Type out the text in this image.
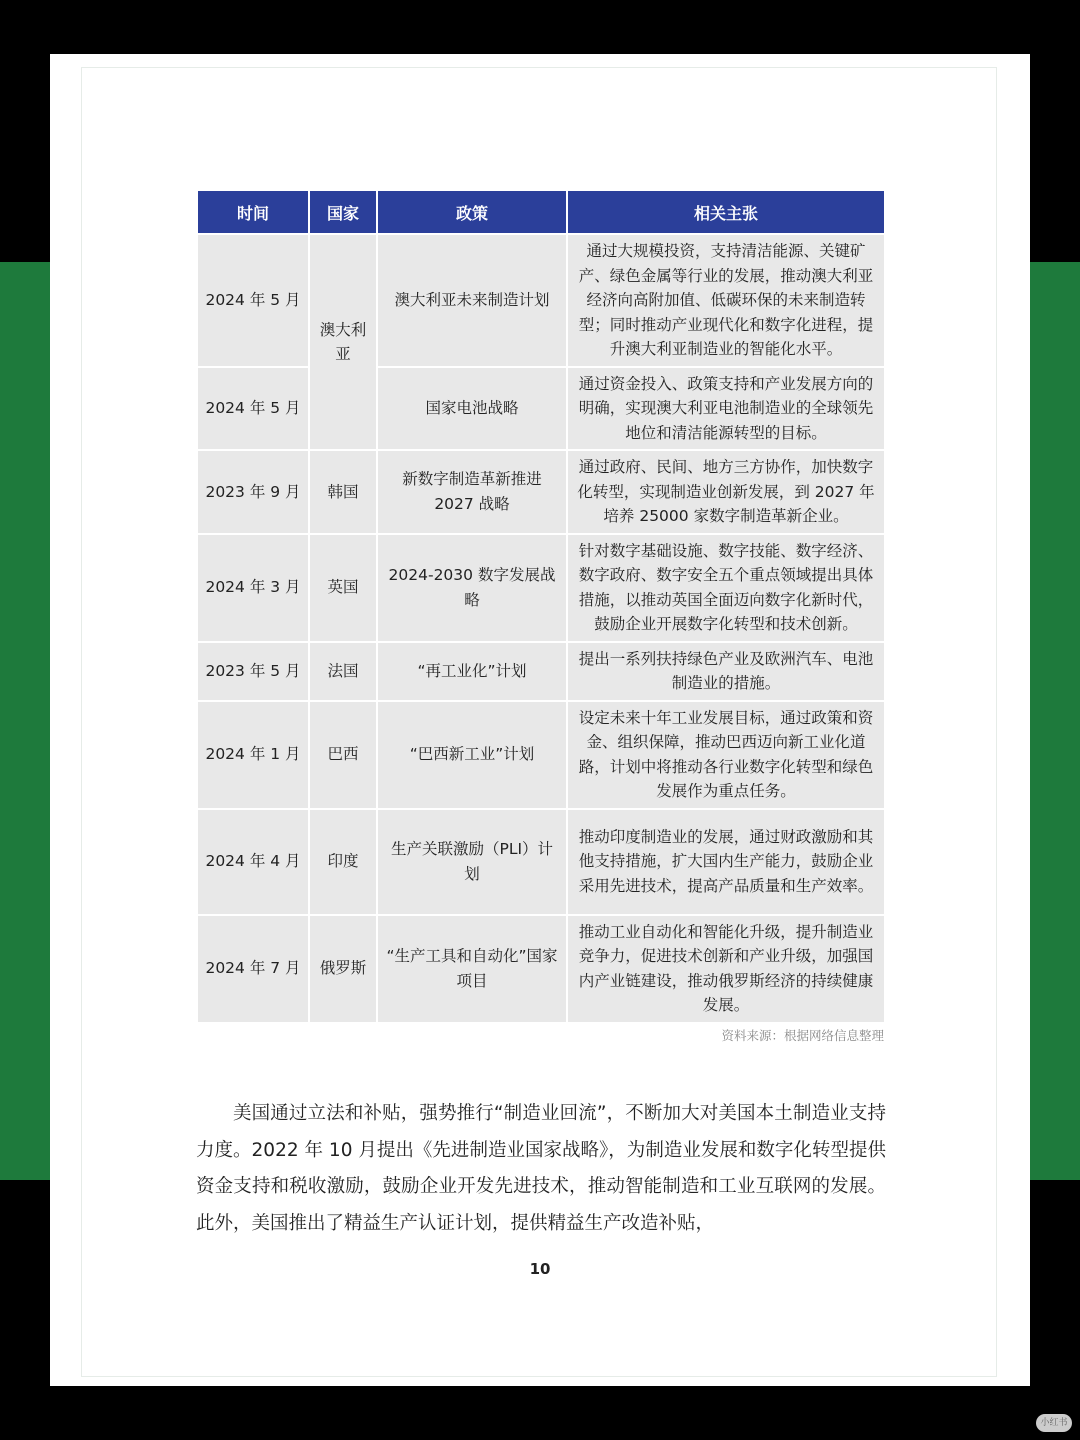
时间	国家	政策	相关主张
2024 年 5 月	澳大利亚	澳大利亚未来制造计划	通过大规模投资，支持清洁能源、关键矿产、绿色金属等行业的发展，推动澳大利亚经济向高附加值、低碳环保的未来制造转型；同时推动产业现代化和数字化进程，提升澳大利亚制造业的智能化水平。
2024 年 5 月		国家电池战略	通过资金投入、政策支持和产业发展方向的明确，实现澳大利亚电池制造业的全球领先地位和清洁能源转型的目标。
2023 年 9 月	韩国	新数字制造革新推进 2027 战略	通过政府、民间、地方三方协作，加快数字化转型，实现制造业创新发展，到 2027 年培养 25000 家数字制造革新企业。
2024 年 3 月	英国	2024-2030 数字发展战略	针对数字基础设施、数字技能、数字经济、数字政府、数字安全五个重点领域提出具体措施，以推动英国全面迈向数字化新时代，鼓励企业开展数字化转型和技术创新。
2023 年 5 月	法国	“再工业化”计划	提出一系列扶持绿色产业及欧洲汽车、电池制造业的措施。
2024 年 1 月	巴西	“巴西新工业”计划	设定未来十年工业发展目标，通过政策和资金、组织保障，推动巴西迈向新工业化道路，计划中将推动各行业数字化转型和绿色发展作为重点任务。
2024 年 4 月	印度	生产关联激励（PLI）计划	推动印度制造业的发展，通过财政激励和其他支持措施，扩大国内生产能力，鼓励企业采用先进技术，提高产品质量和生产效率。
2024 年 7 月	俄罗斯	“生产工具和自动化”国家项目	推动工业自动化和智能化升级，提升制造业竞争力，促进技术创新和产业升级，加强国内产业链建设，推动俄罗斯经济的持续健康发展。
资料来源：根据网络信息整理

美国通过立法和补贴，强势推行“制造业回流”，不断加大对美国本土制造业支持力度。2022 年 10 月提出《先进制造业国家战略》，为制造业发展和数字化转型提供资金支持和税收激励，鼓励企业开发先进技术，推动智能制造和工业互联网的发展。此外，美国推出了精益生产认证计划，提供精益生产改造补贴，

10
小红书
